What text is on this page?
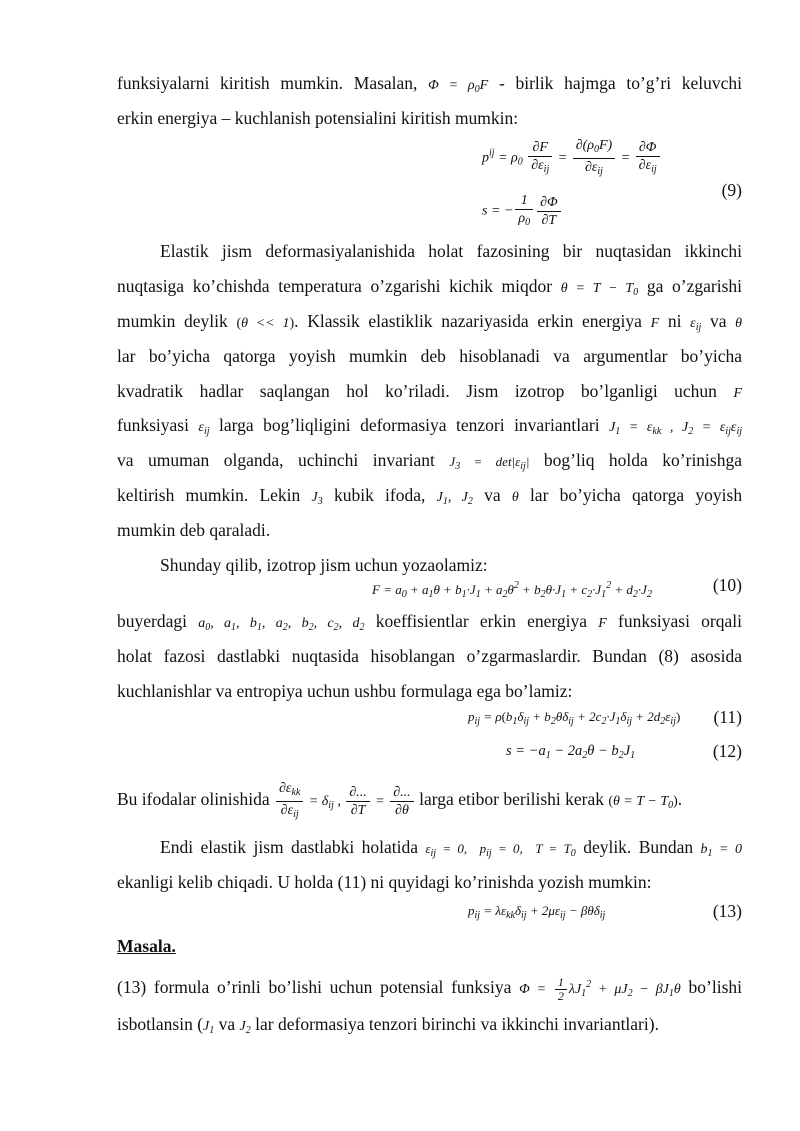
funksiyalarni kiritish mumkin. Masalan, $\Phi = \rho_0F$ - birlik hajmga to’g’ri keluvchi
erkin energiya – kuchlanish potensialini kiritish mumkin:
$p^{ij} = \rho_0 \frac{\partial F}{\partial\varepsilon_{ij}} = \frac{\partial(\rho_0F)}{\partial\varepsilon_{ij}} = \frac{\partial\Phi}{\partial\varepsilon_{ij}}$
s = − $\frac{1}{\rho_0} \frac{\partial\Phi}{\partial T}$
(9)
Elastik jism deformasiyalanishida holat fazosining bir nuqtasidan ikkinchi
nuqtasiga ko’chishda temperatura o’zgarishi kichik miqdor $\theta = T - T_0$ ga o’zgarishi
mumkin deylik (θ << 1). Klassik elastiklik nazariyasida erkin energiya F ni $\varepsilon_{ij}$ va θ
lar bo’yicha qatorga yoyish mumkin deb hisoblanadi va argumentlar bo’yicha
kvadratik hadlar saqlangan hol ko’riladi. Jism izotrop bo’lganligi uchun F
funksiyasi $\varepsilon_{ij}$ larga bog’liqligini deformasiya tenzori invariantlari $J_1 = \varepsilon_{kk}$ , $J_2 = \varepsilon_{ij}\varepsilon_{ij}$
va umuman olganda, uchinchi invariant $J_3 = \det|\varepsilon_{ij}|$ bog’liq holda ko’rinishga
keltirish mumkin. Lekin $J_3$ kubik ifoda, $J_1$, $J_2$ va θ lar bo’yicha qatorga yoyish
mumkin deb qaraladi.
Shunday qilib, izotrop jism uchun yozaolamiz:
$F = a_0 + a_1\theta + b_1\cdot J_1 + a_2\theta^2 + b_2\theta\cdot J_1 + c_2\cdot J_1^2 + d_2\cdot J_2$	(10)
buyerdagi $a_0$, $a_1$, $b_1$, $a_2$, $b_2$, $c_2$, $d_2$ koeffisientlar erkin energiya F funksiyasi orqali
holat fazosi dastlabki nuqtasida hisoblangan o’zgarmaslardir. Bundan (8) asosida
kuchlanishlar va entropiya uchun ushbu formulaga ega bo’lamiz:
$p_{ij} = \rho(b_1\delta_{ij} + b_2\theta\delta_{ij} + 2c_2\cdot J_1\delta_{ij} + 2d_2\varepsilon_{ij})$ (11)
$s = -a_1 - 2a_2\theta - b_2J_1$	(12)
Bu ifodalar olinishida $\frac{\partial\varepsilon_{kk}}{\partial\varepsilon_{ij}} = \delta_{ij}$ , $\frac{\partial...}{\partial T} = \frac{\partial...}{\partial\theta}$ larga etibor berilishi kerak $(\theta = T - T_0)$.
Endi elastik jism dastlabki holatida $\varepsilon_{ij} = 0$,  $p_{ij} = 0$,  $T = T_0$ deylik. Bundan $b_1 = 0$
ekanligi kelib chiqadi. U holda (11) ni quyidagi ko’rinishda yozish mumkin:
$p_{ij} = \lambda\varepsilon_{kk}\delta_{ij} + 2\mu\varepsilon_{ij} - \beta\theta\delta_{ij}$	(13)
Masala.
(13) formula o’rinli bo’lishi uchun potensial funksiya $\Phi = \frac{1}{2} \lambda J_1^2 + \mu J_2 - \beta J_1\theta$ bo’lishi
isbotlansin ($J_1$ va $J_2$ lar deformasiya tenzori birinchi va ikkinchi invariantlari).
